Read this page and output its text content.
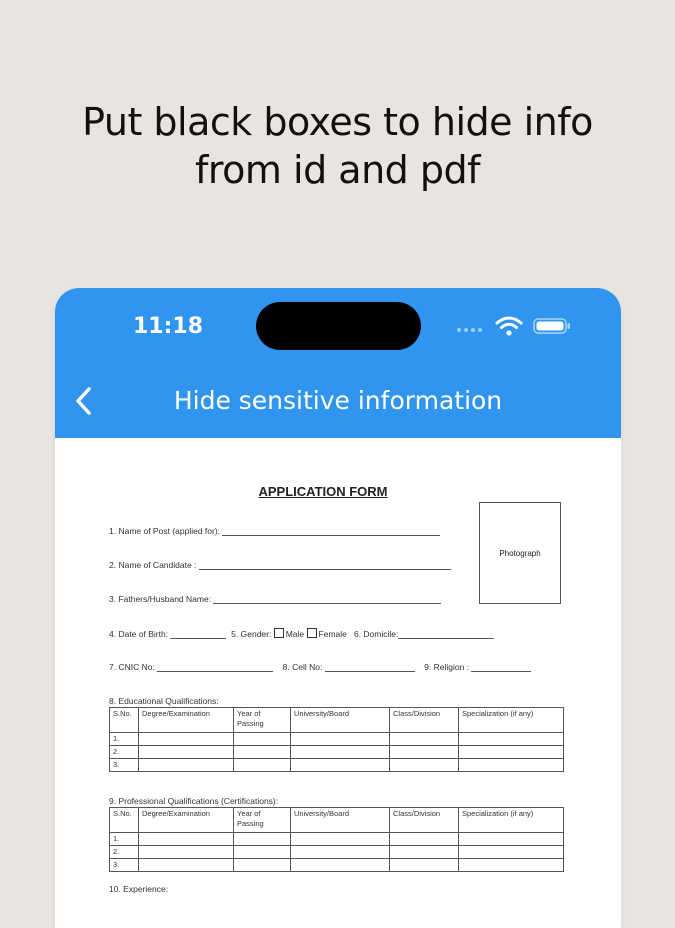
Put black boxes to hide info
from id and pdf
11:18
Hide sensitive information
APPLICATION FORM
Photograph
1. Name of Post (applied for):
2. Name of Candidate :
3. Fathers/Husband Name:
4. Date of Birth:	5. Gender: Male Female 6. Domicile:
7. CNIC No:	8. Cell No:	9. Religion :
8. Educational Qualifications:
S.No.	Degree/Examination	Year of Passing	University/Board	Class/Division	Specialization (if any)
1.					
2.					
3.					
9. Professional Qualifications (Certifications):
S.No.	Degree/Examination	Year of Passing	University/Board	Class/Division	Specialization (if any)
1.					
2.					
3.					
10. Experience:
